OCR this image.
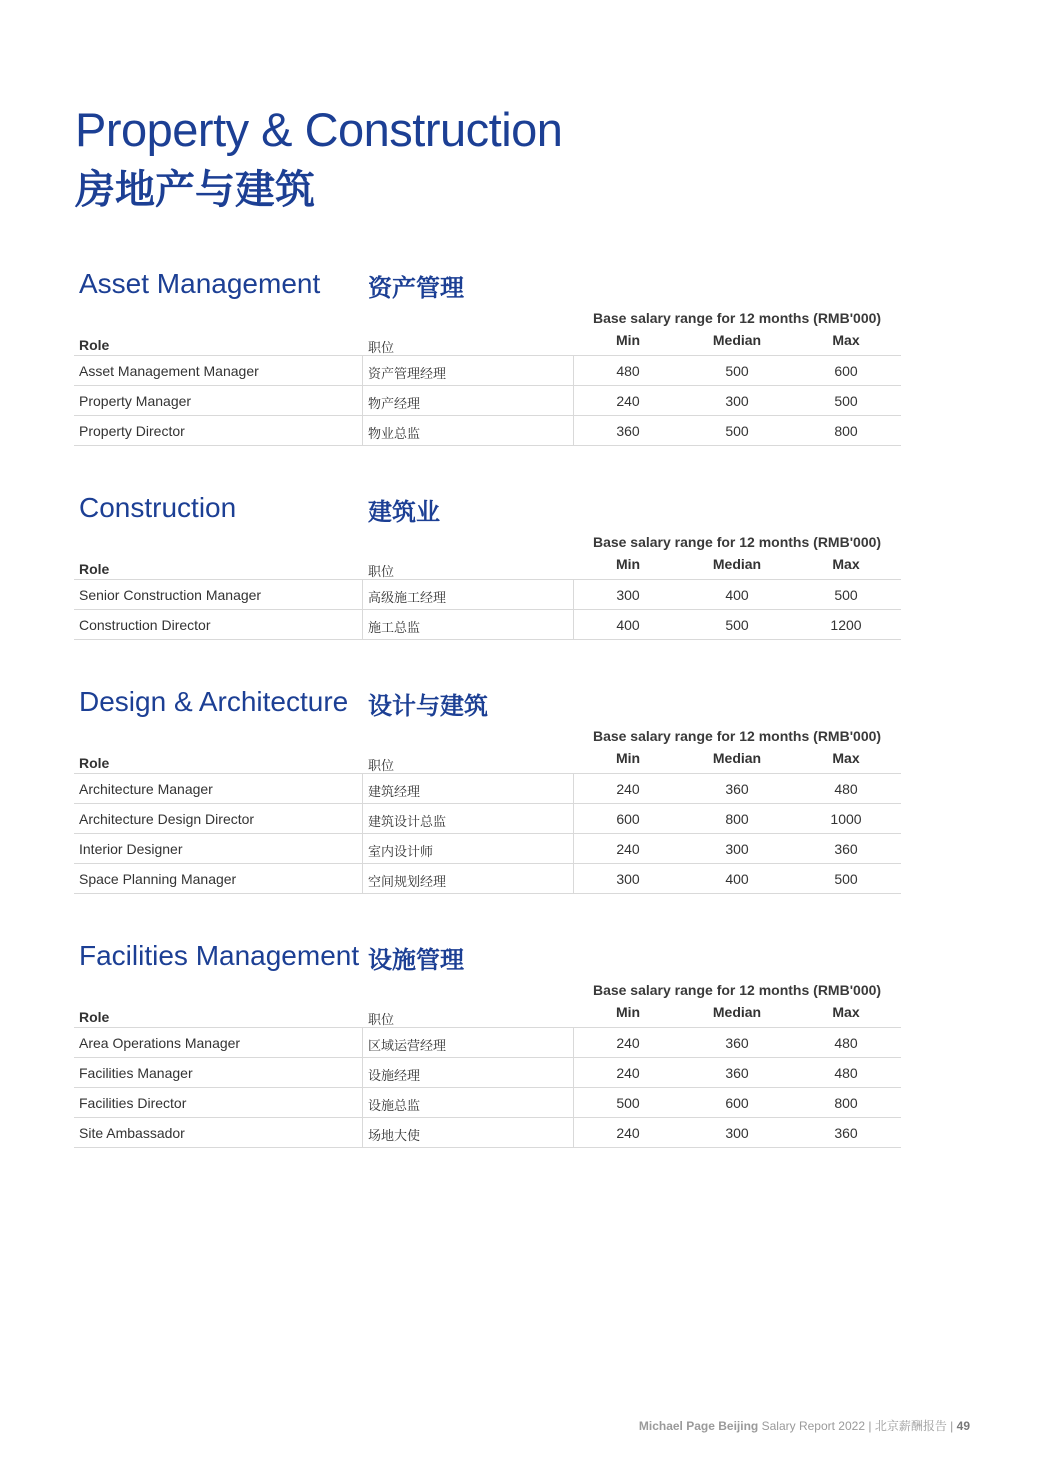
Property & Construction
房地产与建筑
Asset Management 资产管理
Base salary range for 12 months (RMB'000)
Role	职位
Min	Median	Max
Asset Management Manager	资产管理经理	480	500	600
Property Manager	物产经理	240	300	500
Property Director	物业总监	360	500	800
Construction	建筑业
Base salary range for 12 months (RMB'000)
Role	职位
Min	Median	Max
Senior Construction Manager	高级施工经理	300	400	500
Construction Director	施工总监	400	500	1200
Design & Architecture 设计与建筑
Base salary range for 12 months (RMB'000)
Role	职位
Min	Median	Max
Architecture Manager	建筑经理	240	360	480
Architecture Design Director	建筑设计总监	600	800	1000
Interior Designer	室内设计师	240	300	360
Space Planning Manager	空间规划经理	300	400	500
Facilities Management 设施管理
Base salary range for 12 months (RMB'000)
Role	职位
Min	Median	Max
Area Operations Manager	区域运营经理	240	360	480
Facilities Manager	设施经理	240	360	480
Facilities Director	设施总监	500	600	800
Site Ambassador	场地大使	240	300	360
Michael Page Beijing Salary Report 2022 | 北京薪酬报告 | 49
